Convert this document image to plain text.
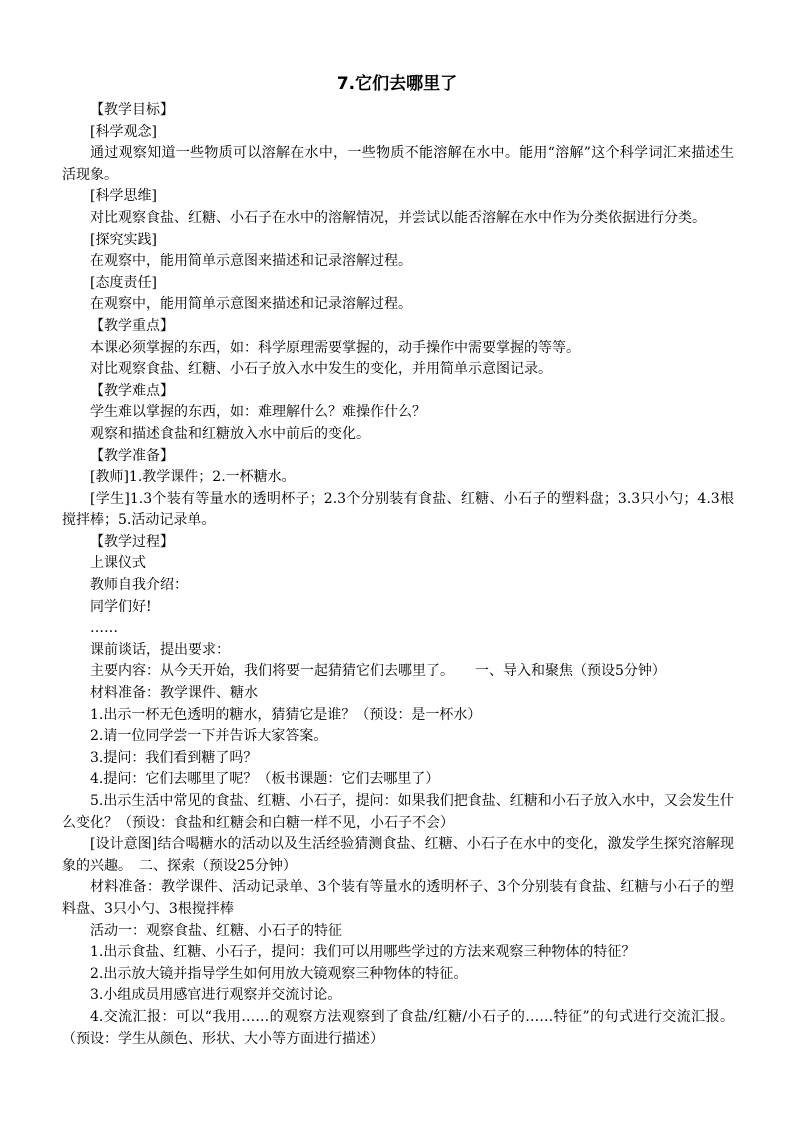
7.它们去哪里了

【教学目标】

[科学观念]

通过观察知道一些物质可以溶解在水中，一些物质不能溶解在水中。能用“溶解”这个科学词汇来描述生活现象。

[科学思维]

对比观察食盐、红糖、小石子在水中的溶解情况，并尝试以能否溶解在水中作为分类依据进行分类。

[探究实践]

在观察中，能用简单示意图来描述和记录溶解过程。

[态度责任]

在观察中，能用简单示意图来描述和记录溶解过程。

【教学重点】

本课必须掌握的东西，如：科学原理需要掌握的，动手操作中需要掌握的等等。

对比观察食盐、红糖、小石子放入水中发生的变化，并用简单示意图记录。

【教学难点】

学生难以掌握的东西，如：难理解什么？难操作什么？

观察和描述食盐和红糖放入水中前后的变化。

【教学准备】

[教师]1.教学课件；2.一杯糖水。

[学生]1.3个装有等量水的透明杯子；2.3个分别装有食盐、红糖、小石子的塑料盘；3.3只小勺；4.3根搅拌棒；5.活动记录单。

【教学过程】

上课仪式

教师自我介绍：

同学们好!

……

课前谈话，提出要求：

主要内容：从今天开始，我们将要一起猜猜它们去哪里了。　　一、导入和聚焦（预设5分钟）

材料准备：教学课件、糖水

1.出示一杯无色透明的糖水，猜猜它是谁？（预设：是一杯水）

2.请一位同学尝一下并告诉大家答案。

3.提问：我们看到糖了吗？

4.提问：它们去哪里了呢？（板书课题：它们去哪里了）

5.出示生活中常见的食盐、红糖、小石子，提问：如果我们把食盐、红糖和小石子放入水中，又会发生什么变化？（预设：食盐和红糖会和白糖一样不见，小石子不会）

[设计意图]结合喝糖水的活动以及生活经验猜测食盐、红糖、小石子在水中的变化，激发学生探究溶解现象的兴趣。　二、探索（预设25分钟）

材料准备：教学课件、活动记录单、3个装有等量水的透明杯子、3个分别装有食盐、红糖与小石子的塑料盘、3只小勺、3根搅拌棒

活动一：观察食盐、红糖、小石子的特征

1.出示食盐、红糖、小石子，提问：我们可以用哪些学过的方法来观察三种物体的特征？

2.出示放大镜并指导学生如何用放大镜观察三种物体的特征。

3.小组成员用感官进行观察并交流讨论。

4.交流汇报：可以“我用……的观察方法观察到了食盐/红糖/小石子的……特征”的句式进行交流汇报。（预设：学生从颜色、形状、大小等方面进行描述）
